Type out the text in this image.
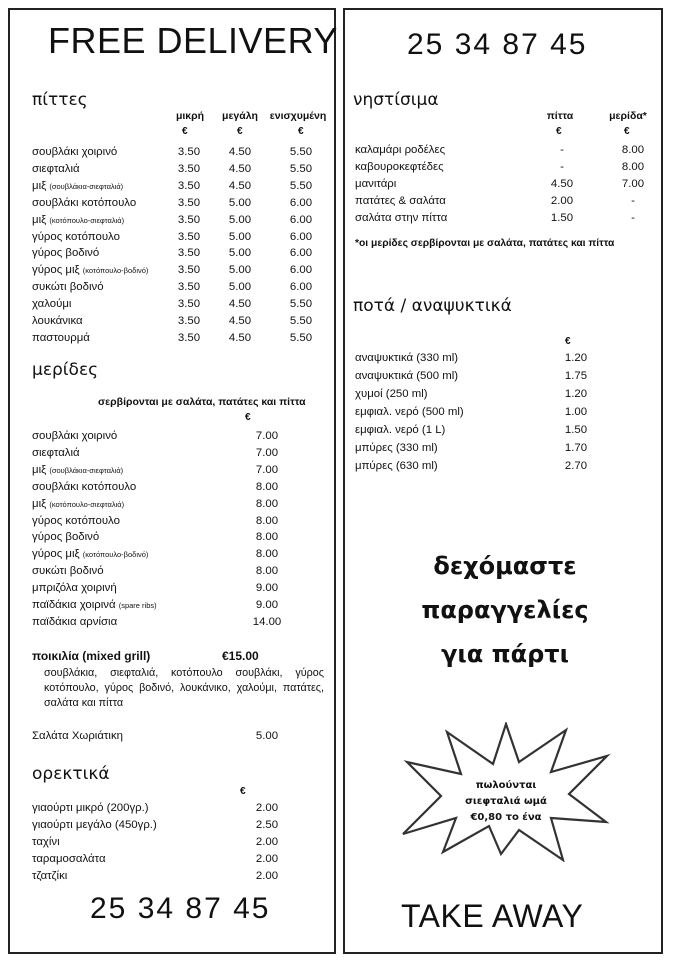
FREE DELIVERY
πίττες
μικρή	μεγάλη	ενισχυμένη
€	€	€
σουβλάκι χοιρινό	3.50	4.50	5.50
σιεφταλιά	3.50	4.50	5.50
μιξ (σουβλάκια-σιεφταλιά)	3.50	4.50	5.50
σουβλάκι κοτόπουλο	3.50	5.00	6.00
μιξ (κοτόπουλο-σιεφταλιά)	3.50	5.00	6.00
γύρος κοτόπουλο	3.50	5.00	6.00
γύρος βοδινό	3.50	5.00	6.00
γύρος μιξ (κοτόπουλο-βοδινό)	3.50	5.00	6.00
συκώτι βοδινό	3.50	5.00	6.00
χαλούμι	3.50	4.50	5.50
λουκάνικα	3.50	4.50	5.50
παστουρμά	3.50	4.50	5.50
μερίδες
σερβίρονται με σαλάτα, πατάτες και πίττα
€
σουβλάκι χοιρινό	7.00
σιεφταλιά	7.00
μιξ (σουβλάκια-σιεφταλιά)	7.00
σουβλάκι κοτόπουλο	8.00
μιξ (κοτόπουλο-σιεφταλιά)	8.00
γύρος κοτόπουλο	8.00
γύρος βοδινό	8.00
γύρος μιξ (κοτόπουλο-βοδινό)	8.00
συκώτι βοδινό	8.00
μπριζόλα χοιρινή	9.00
παϊδάκια χοιρινά (spare ribs)	9.00
παϊδάκια αρνίσια	14.00
ποικιλία (mixed grill)	€15.00
σουβλάκια, σιεφταλιά, κοτόπουλο σουβλάκι, γύρος κοτόπουλο, γύρος βοδινό, λουκάνικο, χαλούμι, πατάτες, σαλάτα και πίττα
Σαλάτα Χωριάτικη	5.00
ορεκτικά
€
γιαούρτι μικρό (200γρ.)	2.00
γιαούρτι μεγάλο (450γρ.)	2.50
ταχίνι	2.00
ταραμοσαλάτα	2.00
τζατζίκι	2.00
25 34 87 45
25 34 87 45
νηστίσιμα
πίττα	μερίδα*
€	€
καλαμάρι ροδέλες	-	8.00
καβουροκεφτέδες	-	8.00
μανιτάρι	4.50	7.00
πατάτες & σαλάτα	2.00	-
σαλάτα στην πίττα	1.50	-
*οι μερίδες σερβίρονται με σαλάτα, πατάτες και πίττα
ποτά / αναψυκτικά
€
αναψυκτικά (330 ml)	1.20
αναψυκτικά (500 ml)	1.75
χυμοί (250 ml)	1.20
εμφιαλ. νερό (500 ml)	1.00
εμφιαλ. νερό (1 L)	1.50
μπύρες (330 ml)	1.70
μπύρες (630 ml)	2.70
δεχόμαστε
παραγγελίες
για πάρτι
πωλούνται
σιεφταλιά ωμά
€0,80 το ένα
TAKE AWAY
